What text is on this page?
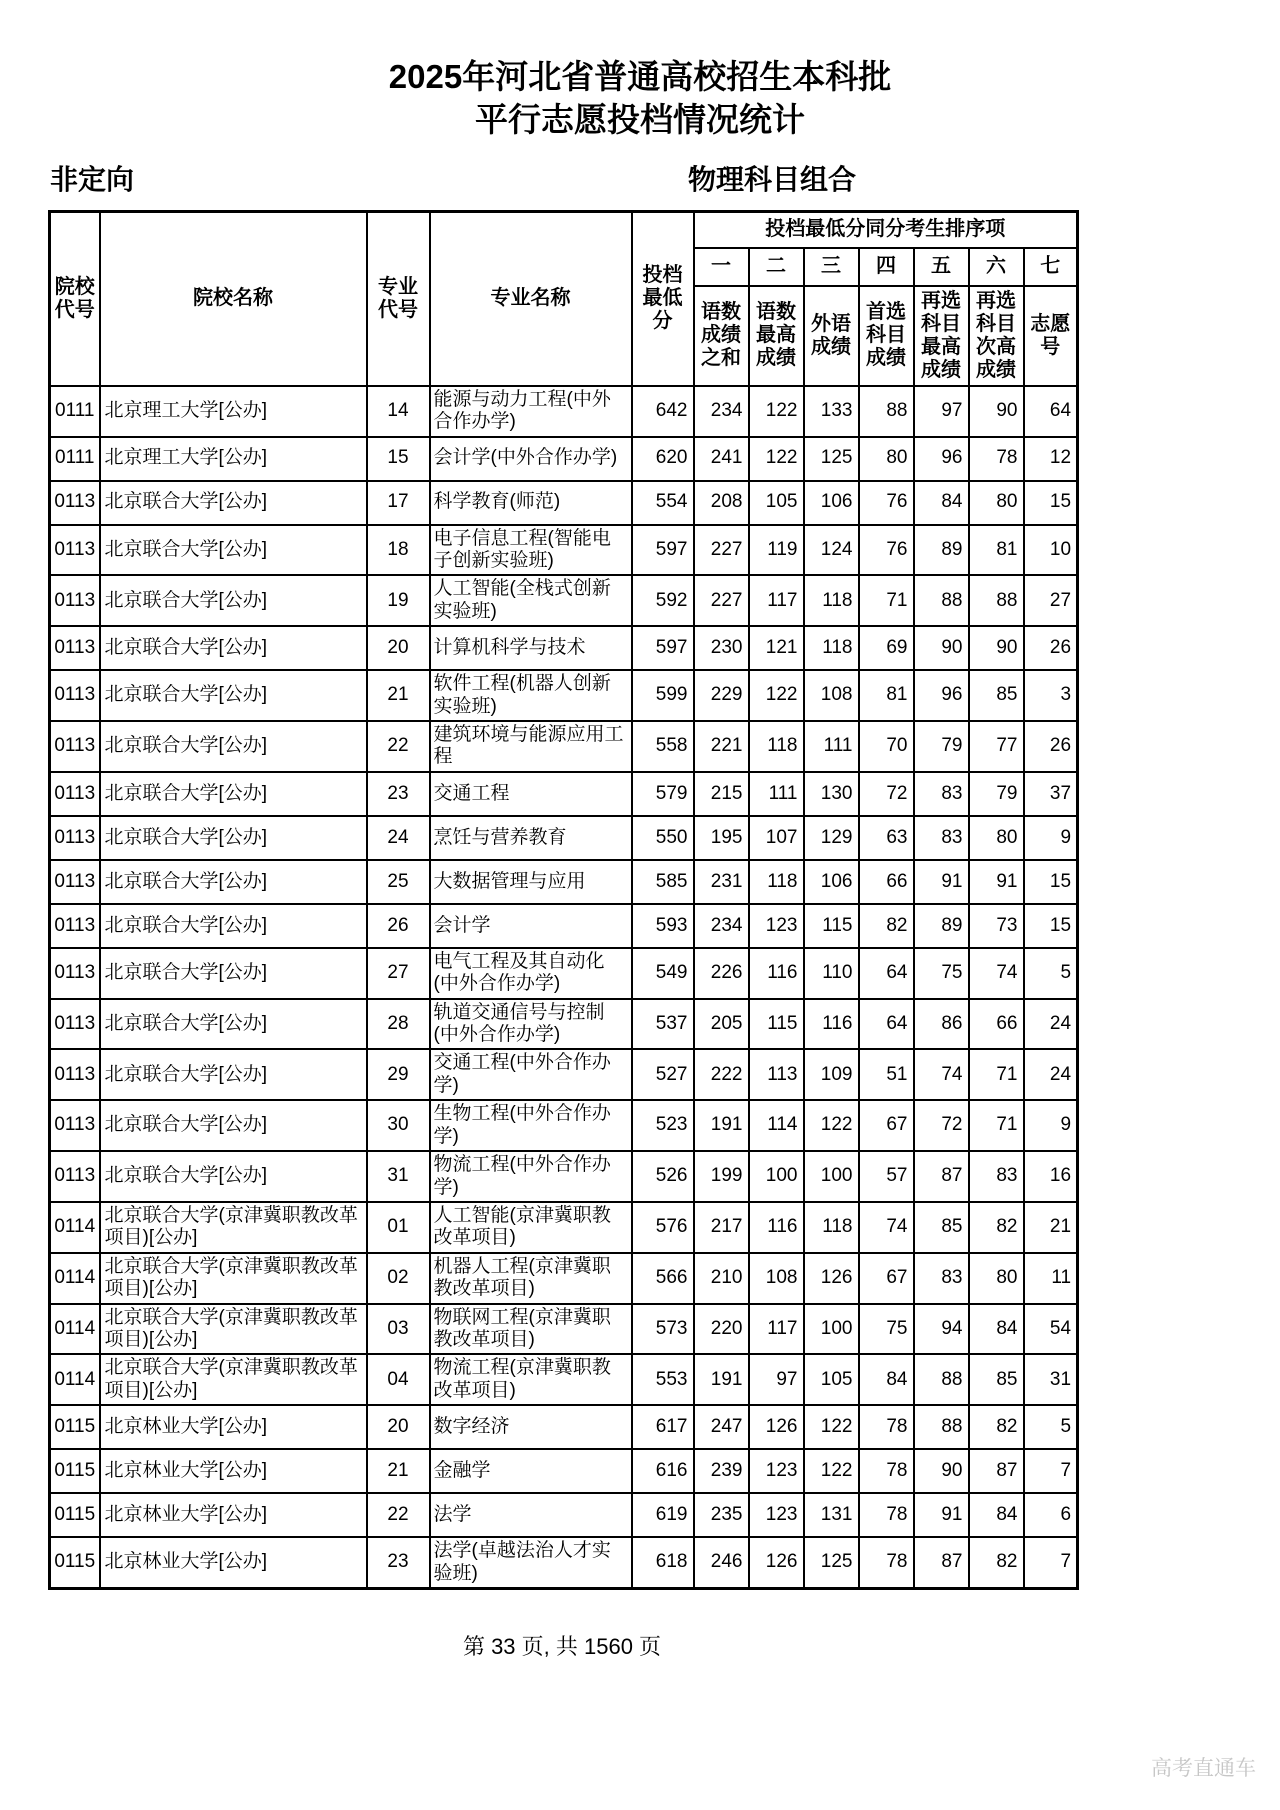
2025年河北省普通高校招生本科批
平行志愿投档情况统计
非定向	物理科目组合
院校代号	院校名称	专业代号	专业名称	投档最低分	投档最低分同分考生排序项						
					一	二	三	四	五	六	七
					语数成绩之和	语数最高成绩	外语成绩	首选科目成绩	再选科目最高成绩	再选科目次高成绩	志愿号
0111	北京理工大学[公办]	14	能源与动力工程(中外合作办学)	642	234	122	133	88	97	90	64
0111	北京理工大学[公办]	15	会计学(中外合作办学)	620	241	122	125	80	96	78	12
0113	北京联合大学[公办]	17	科学教育(师范)	554	208	105	106	76	84	80	15
0113	北京联合大学[公办]	18	电子信息工程(智能电子创新实验班)	597	227	119	124	76	89	81	10
0113	北京联合大学[公办]	19	人工智能(全栈式创新实验班)	592	227	117	118	71	88	88	27
0113	北京联合大学[公办]	20	计算机科学与技术	597	230	121	118	69	90	90	26
0113	北京联合大学[公办]	21	软件工程(机器人创新实验班)	599	229	122	108	81	96	85	3
0113	北京联合大学[公办]	22	建筑环境与能源应用工程	558	221	118	111	70	79	77	26
0113	北京联合大学[公办]	23	交通工程	579	215	111	130	72	83	79	37
0113	北京联合大学[公办]	24	烹饪与营养教育	550	195	107	129	63	83	80	9
0113	北京联合大学[公办]	25	大数据管理与应用	585	231	118	106	66	91	91	15
0113	北京联合大学[公办]	26	会计学	593	234	123	115	82	89	73	15
0113	北京联合大学[公办]	27	电气工程及其自动化(中外合作办学)	549	226	116	110	64	75	74	5
0113	北京联合大学[公办]	28	轨道交通信号与控制(中外合作办学)	537	205	115	116	64	86	66	24
0113	北京联合大学[公办]	29	交通工程(中外合作办学)	527	222	113	109	51	74	71	24
0113	北京联合大学[公办]	30	生物工程(中外合作办学)	523	191	114	122	67	72	71	9
0113	北京联合大学[公办]	31	物流工程(中外合作办学)	526	199	100	100	57	87	83	16
0114	北京联合大学(京津冀职教改革项目)[公办]	01	人工智能(京津冀职教改革项目)	576	217	116	118	74	85	82	21
0114	北京联合大学(京津冀职教改革项目)[公办]	02	机器人工程(京津冀职教改革项目)	566	210	108	126	67	83	80	11
0114	北京联合大学(京津冀职教改革项目)[公办]	03	物联网工程(京津冀职教改革项目)	573	220	117	100	75	94	84	54
0114	北京联合大学(京津冀职教改革项目)[公办]	04	物流工程(京津冀职教改革项目)	553	191	97	105	84	88	85	31
0115	北京林业大学[公办]	20	数字经济	617	247	126	122	78	88	82	5
0115	北京林业大学[公办]	21	金融学	616	239	123	122	78	90	87	7
0115	北京林业大学[公办]	22	法学	619	235	123	131	78	91	84	6
0115	北京林业大学[公办]	23	法学(卓越法治人才实验班)	618	246	126	125	78	87	82	7
第 33 页, 共 1560 页
高考直通车
